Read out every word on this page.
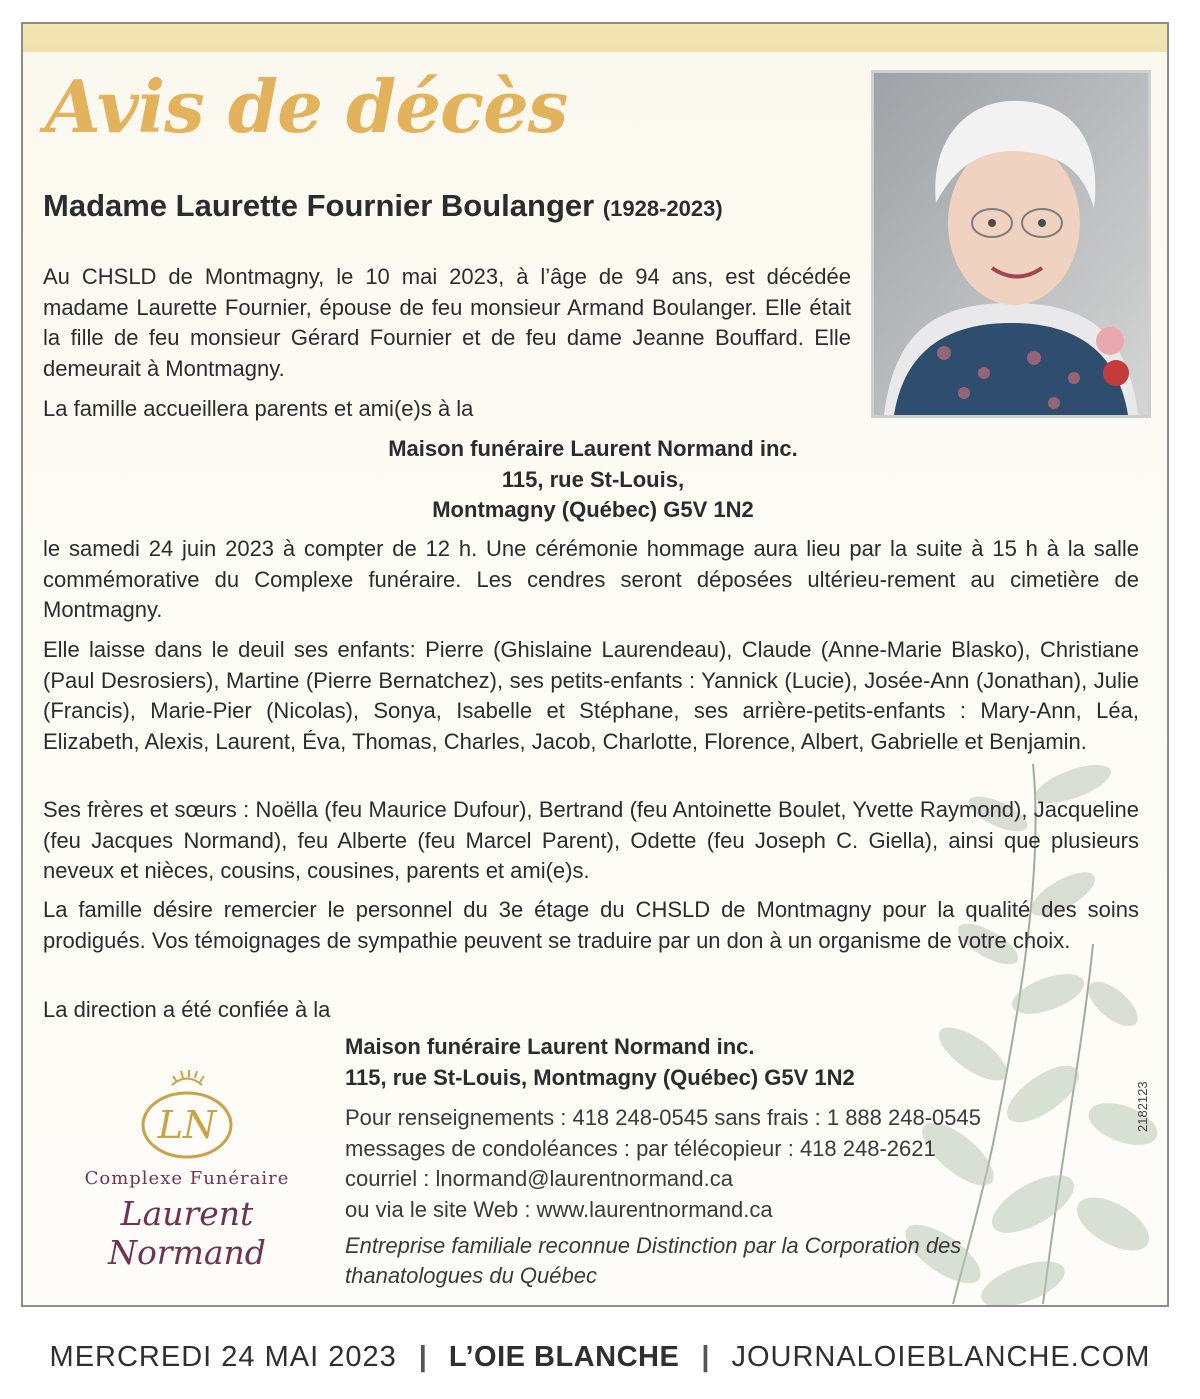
Avis de décès
Madame Laurette Fournier Boulanger (1928-2023)
Au CHSLD de Montmagny, le 10 mai 2023, à l’âge de 94 ans, est décédée madame Laurette Fournier, épouse de feu monsieur Armand Boulanger. Elle était la fille de feu monsieur Gérard Fournier et de feu dame Jeanne Bouffard. Elle demeurait à Montmagny.
La famille accueillera parents et ami(e)s à la
Maison funéraire Laurent Normand inc.
115, rue St-Louis,
Montmagny (Québec) G5V 1N2
le samedi 24 juin 2023 à compter de 12 h. Une cérémonie hommage aura lieu par la suite à 15 h à la salle commémorative du Complexe funéraire. Les cendres seront déposées ultérieu-rement au cimetière de Montmagny.
Elle laisse dans le deuil ses enfants: Pierre (Ghislaine Laurendeau), Claude (Anne-Marie Blasko), Christiane (Paul Desrosiers), Martine (Pierre Bernatchez), ses petits-enfants : Yannick (Lucie), Josée-Ann (Jonathan), Julie (Francis), Marie-Pier (Nicolas), Sonya, Isabelle et Stéphane, ses arrière-petits-enfants : Mary-Ann, Léa, Elizabeth, Alexis, Laurent, Éva, Thomas, Charles, Jacob, Charlotte, Florence, Albert, Gabrielle et Benjamin.
Ses frères et sœurs : Noëlla (feu Maurice Dufour), Bertrand (feu Antoinette Boulet, Yvette Raymond), Jacqueline (feu Jacques Normand), feu Alberte (feu Marcel Parent), Odette (feu Joseph C. Giella), ainsi que plusieurs neveux et nièces, cousins, cousines, parents et ami(e)s.
La famille désire remercier le personnel du 3e étage du CHSLD de Montmagny pour la qualité des soins prodigués. Vos témoignages de sympathie peuvent se traduire par un don à un organisme de votre choix.
La direction a été confiée à la
LN
Complexe Funéraire
Laurent Normand
Maison funéraire Laurent Normand inc.
115, rue St-Louis, Montmagny (Québec) G5V 1N2
Pour renseignements : 418 248-0545 sans frais : 1 888 248-0545
messages de condoléances : par télécopieur : 418 248-2621
courriel : lnormand@laurentnormand.ca
ou via le site Web : www.laurentnormand.ca
Entreprise familiale reconnue Distinction par la Corporation des
thanatologues du Québec
2182123
MERCREDI 24 MAI 2023 | L’OIE BLANCHE | JOURNALOIEBLANCHE.COM
